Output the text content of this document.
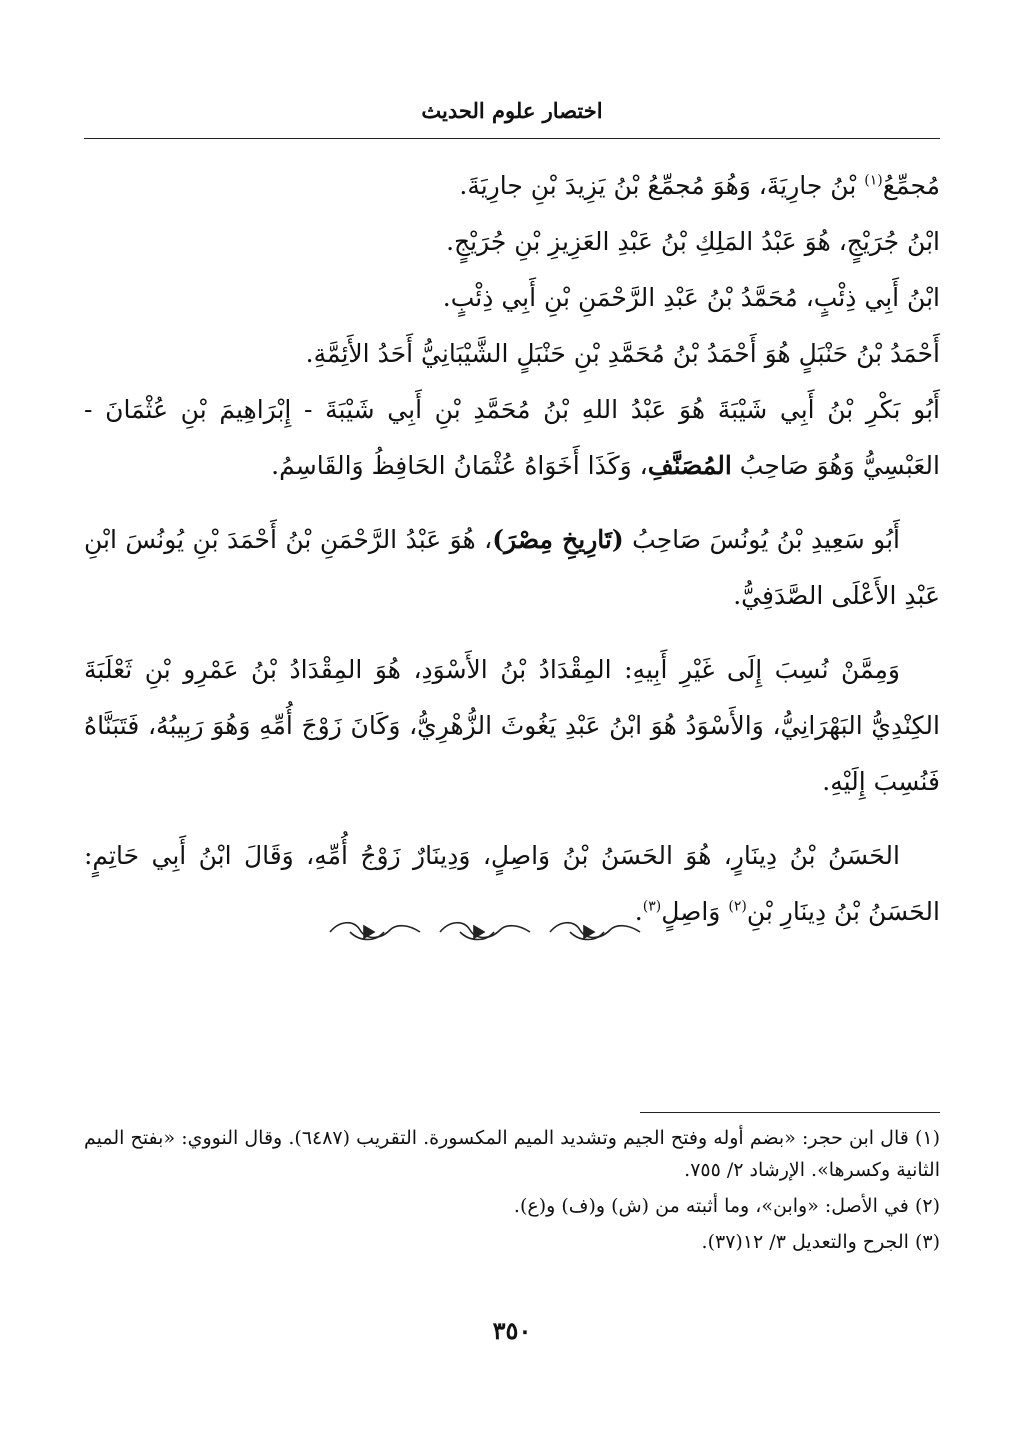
اختصار علوم الحديث

مُجمِّعُ$^{(١)}$ بْنُ جارِيَةَ، وَهُوَ مُجمِّعُ بْنُ يَزِيدَ بْنِ جارِيَةَ.

ابْنُ جُرَيْجٍ، هُوَ عَبْدُ المَلِكِ بْنُ عَبْدِ العَزِيزِ بْنِ جُرَيْجٍ.

ابْنُ أَبِي ذِئْبٍ، مُحَمَّدُ بْنُ عَبْدِ الرَّحْمَنِ بْنِ أَبِي ذِئْبٍ.

أَحْمَدُ بْنُ حَنْبَلٍ هُوَ أَحْمَدُ بْنُ مُحَمَّدِ بْنِ حَنْبَلٍ الشَّيْبَانِيُّ أَحَدُ الأَئِمَّةِ.

أَبُو بَكْرِ بْنُ أَبِي شَيْبَةَ هُوَ عَبْدُ اللهِ بْنُ مُحَمَّدِ بْنِ أَبِي شَيْبَةَ - إِبْرَاهِيمَ بْنِ عُثْمَانَ - العَبْسِيُّ وَهُوَ صَاحِبُ المُصَنَّفِ، وَكَذَا أَخَوَاهُ عُثْمَانُ الحَافِظُ وَالقَاسِمُ.

أَبُو سَعِيدِ بْنُ يُونُسَ صَاحِبُ (تَارِيخِ مِصْرَ)، هُوَ عَبْدُ الرَّحْمَنِ بْنُ أَحْمَدَ بْنِ يُونُسَ ابْنِ عَبْدِ الأَعْلَى الصَّدَفِيُّ.

وَمِمَّنْ نُسِبَ إِلَى غَيْرِ أَبِيهِ: المِقْدَادُ بْنُ الأَسْوَدِ، هُوَ المِقْدَادُ بْنُ عَمْرِو بْنِ ثَعْلَبَةَ الكِنْدِيُّ البَهْرَانِيُّ، وَالأَسْوَدُ هُوَ ابْنُ عَبْدِ يَغُوثَ الزُّهْرِيُّ، وَكَانَ زَوْجَ أُمِّهِ وَهُوَ رَبِيبُهُ، فَتَبَنَّاهُ فَنُسِبَ إِلَيْهِ.

الحَسَنُ بْنُ دِينَارٍ، هُوَ الحَسَنُ بْنُ وَاصِلٍ، وَدِينَارٌ زَوْجُ أُمِّهِ، وَقَالَ ابْنُ أَبِي حَاتِمٍ: الحَسَنُ بْنُ دِينَارِ بْنِ$^{(٢)}$ وَاصِلٍ$^{(٣)}$.

(١) قال ابن حجر: «بضم أوله وفتح الجيم وتشديد الميم المكسورة. التقريب (٦٤٨٧). وقال النووي: «بفتح الميم الثانية وكسرها». الإرشاد ٢/ ٧٥٥.

(٢) في الأصل: «وابن»، وما أثبته من (ش) و(ف) و(ع).

(٣) الجرح والتعديل ٣/ ١٢(٣٧).

٣٥٠
